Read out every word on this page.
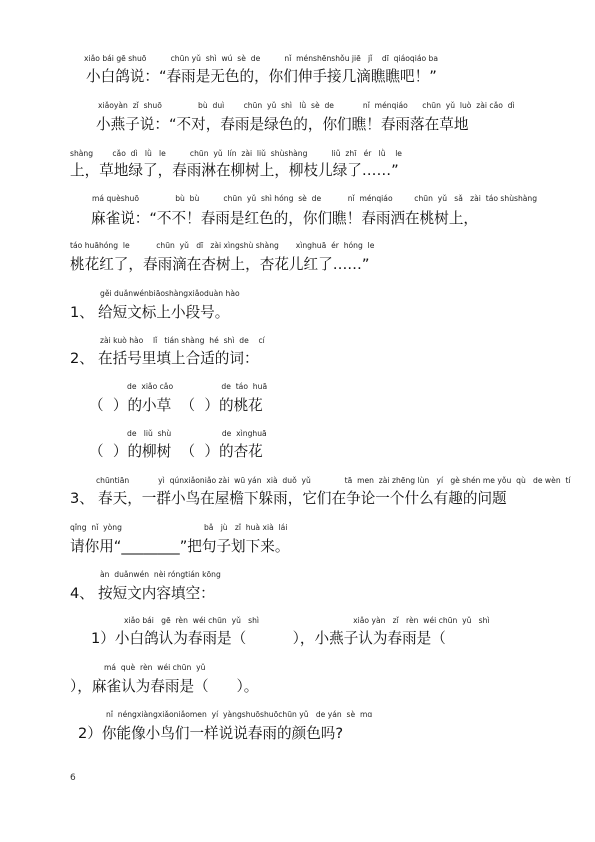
xiǎo bái gē shuō          chūn yǔ  shì  wú  sè  de          nǐ  ménshēnshǒu jiē   jǐ    dī  qiáoqiáo ba
小白鸽说：“春雨是无色的，你们伸手接几滴瞧瞧吧！”
xiǎoyàn  zǐ  shuō               bù  duì        chūn  yǔ  shì   lǜ  sè  de            nǐ  ménqiáo      chūn  yǔ  luò  zài cǎo  dì
小燕子说：“不对，春雨是绿色的，你们瞧！春雨落在草地
shàng        cǎo  dì   lǜ   le          chūn  yǔ  lín  zài  liǔ  shùshàng          liǔ  zhī   ér   lǜ    le
上，草地绿了，春雨淋在柳树上，柳枝儿绿了……”
má quèshuō               bù  bù          chūn  yǔ  shì hóng  sè  de           nǐ  ménqiáo         chūn  yǔ   sǎ   zài  táo shùshàng
麻雀说：“不不！春雨是红色的，你们瞧！春雨洒在桃树上，
táo huāhóng  le           chūn  yǔ   dī   zài xìngshù shàng       xìnghuā  ér  hóng  le
桃花红了，春雨滴在杏树上，杏花儿红了……”
gěi duǎnwénbiāoshàngxiǎoduàn hào
1、 给短文标上小段号。
zài kuò hào    lǐ   tián shàng  hé  shì  de    cí
2、 在括号里填上合适的词：
de  xiǎo cǎo                    de  táo  huā
（  ）的小草  （  ）的桃花
de   liǔ  shù                     de  xìnghuā
（  ）的柳树  （  ）的杏花
chūntiān            yì  qúnxiǎoniǎo zài  wū yán  xià  duǒ  yǔ              tā  men  zài zhēng lùn   yí   gè shén me yǒu  qù   de wèn  tí
3、 春天，一群小鸟在屋檐下躲雨，它们在争论一个什么有趣的问题
qǐng  nǐ  yòng                                  bǎ   jù   zǐ  huà xià  lái
请你用“________”把句子划下来。
àn  duǎnwén  nèi róngtián kōng
4、 按短文内容填空：
xiǎo bái   gē  rèn  wéi chūn  yǔ   shì                                       xiǎo yàn   zǐ   rèn  wéi chūn  yǔ   shì
1）小白鸽认为春雨是（          ），小燕子认为春雨是（
má  què  rèn  wéi chūn  yǔ
），麻雀认为春雨是（      ）。
nǐ  néngxiàngxiǎoniǎomen  yí  yàngshuōshuōchūn yǔ   de yán  sè  mɑ
2）你能像小鸟们一样说说春雨的颜色吗?
6
